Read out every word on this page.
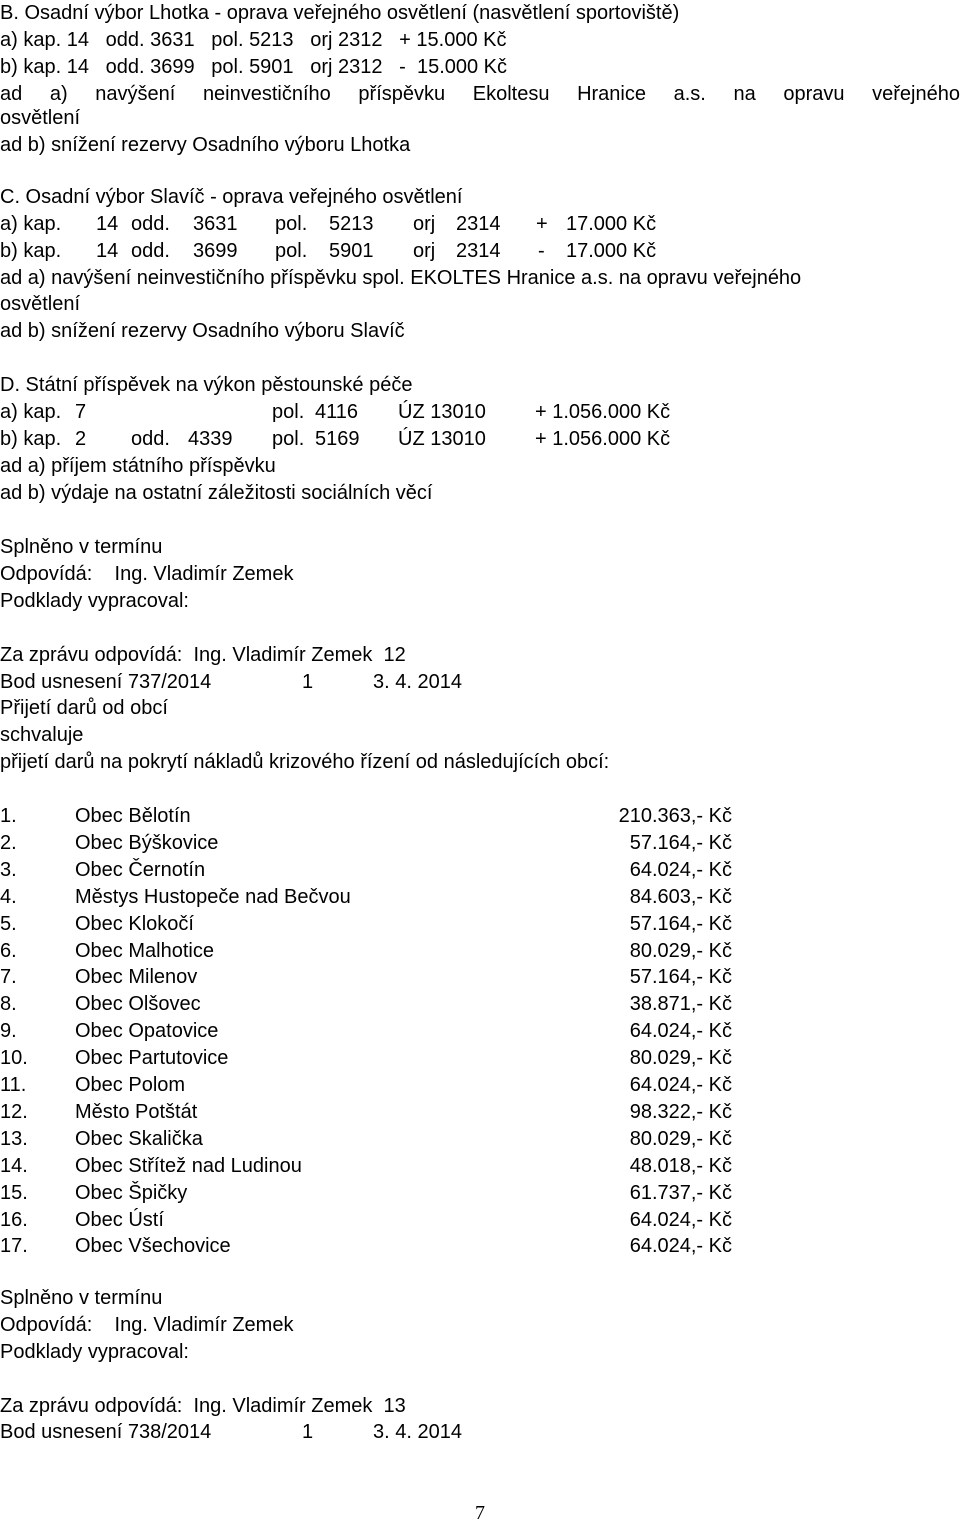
B. Osadní výbor Lhotka - oprava veřejného osvětlení (nasvětlení sportoviště)
a) kap. 14   odd. 3631   pol. 5213   orj 2312   + 15.000 Kč
b) kap. 14   odd. 3699   pol. 5901   orj 2312   -  15.000 Kč
ad a) navýšení neinvestičního příspěvku Ekoltesu Hranice a.s. na opravu veřejného
osvětlení
ad b) snížení rezervy Osadního výboru Lhotka
C. Osadní výbor Slavíč - oprava veřejného osvětlení
a) kap. 14 odd. 3631 pol. 5213 orj 2314 + 17.000 Kč
b) kap. 14 odd. 3699 pol. 5901 orj 2314 - 17.000 Kč
ad a) navýšení neinvestičního příspěvku spol. EKOLTES Hranice a.s. na opravu veřejného
osvětlení
ad b) snížení rezervy Osadního výboru Slavíč
D. Státní příspěvek na výkon pěstounské péče
a) kap. 7	pol. 4116 ÚZ 13010 + 1.056.000 Kč
b) kap. 2 odd. 4339 pol. 5169 ÚZ 13010 + 1.056.000 Kč
ad a) příjem státního příspěvku
ad b) výdaje na ostatní záležitosti sociálních věcí
Splněno v termínu
Odpovídá:    Ing. Vladimír Zemek
Podklady vypracoval:
Za zprávu odpovídá:  Ing. Vladimír Zemek  12
Bod usnesení 737/2014	1	3. 4. 2014
Přijetí darů od obcí
schvaluje
přijetí darů na pokrytí nákladů krizového řízení od následujících obcí:
1.	Obec Bělotín	210.363,- Kč
2.	Obec Býškovice	57.164,- Kč
3.	Obec Černotín	64.024,- Kč
4.	Městys Hustopeče nad Bečvou	84.603,- Kč
5.	Obec Klokočí	57.164,- Kč
6.	Obec Malhotice	80.029,- Kč
7.	Obec Milenov	57.164,- Kč
8.	Obec Olšovec	38.871,- Kč
9.	Obec Opatovice	64.024,- Kč
10. Obec Partutovice	80.029,- Kč
11. Obec Polom	64.024,- Kč
12. Město Potštát	98.322,- Kč
13. Obec Skalička	80.029,- Kč
14. Obec Střítež nad Ludinou	48.018,- Kč
15. Obec Špičky	61.737,- Kč
16. Obec Ústí	64.024,- Kč
17. Obec Všechovice	64.024,- Kč
Splněno v termínu
Odpovídá:    Ing. Vladimír Zemek
Podklady vypracoval:
Za zprávu odpovídá:  Ing. Vladimír Zemek  13
Bod usnesení 738/2014	1	3. 4. 2014
7
